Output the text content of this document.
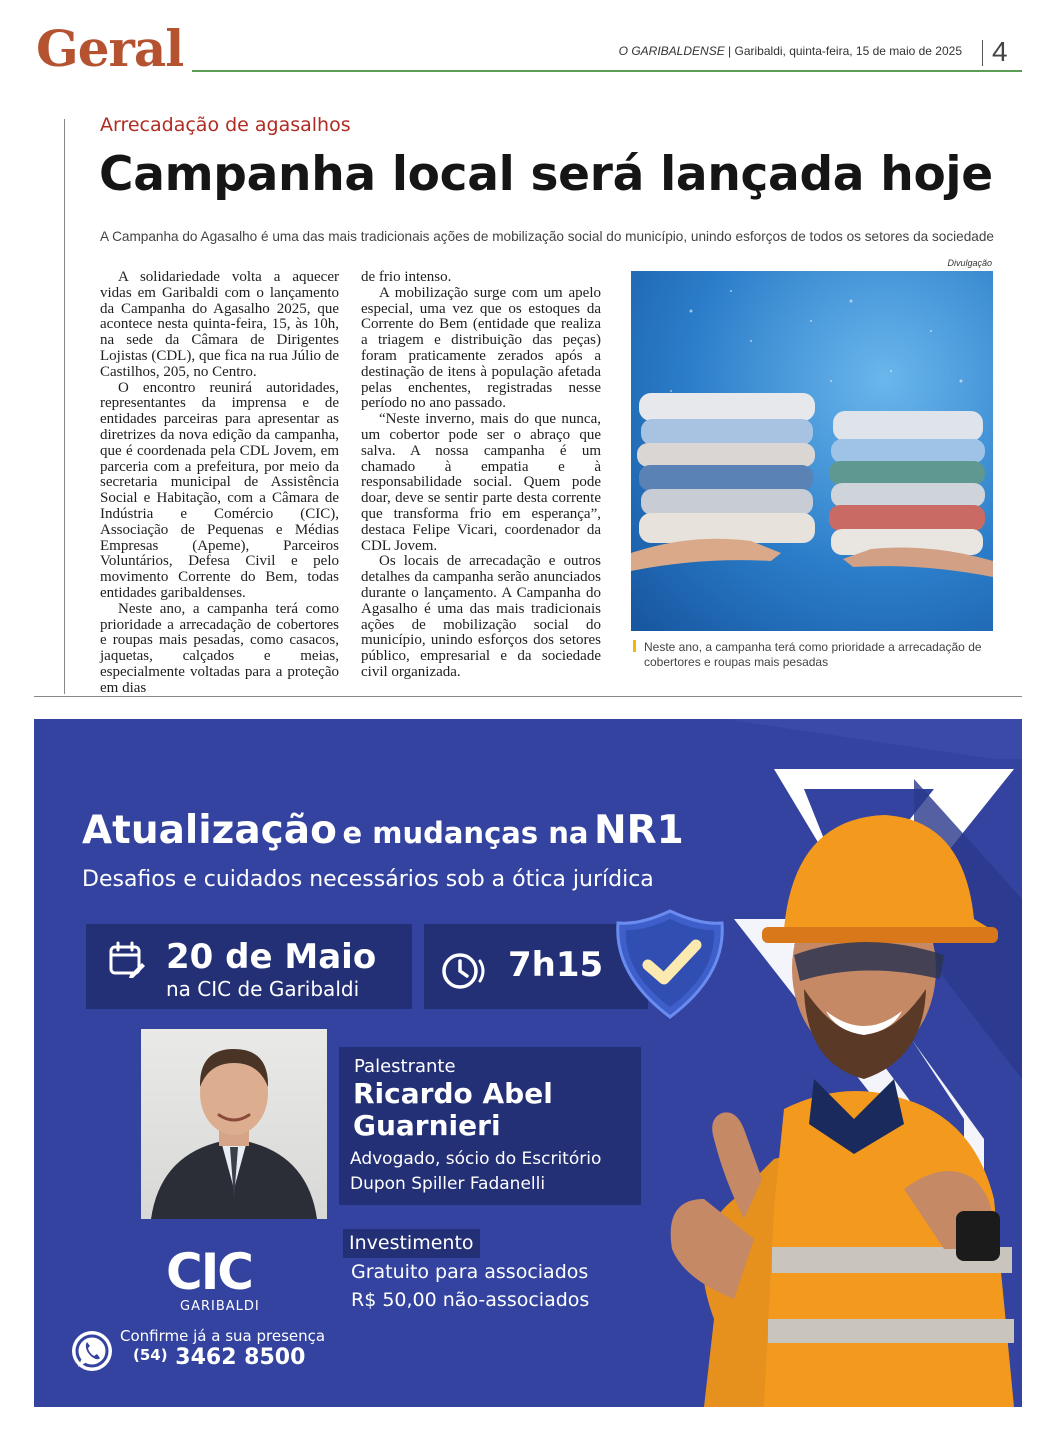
Geral	O GARIBALDENSE | Garibaldi, quinta-feira, 15 de maio de 2025 4
Arrecadação de agasalhos
Campanha local será lançada hoje
A Campanha do Agasalho é uma das mais tradicionais ações de mobilização social do município, unindo esforços de todos os setores da sociedade

A solidariedade volta a aquecer vidas em Garibaldi com o lançamento da Campanha do Agasalho 2025, que acontece nesta quinta-feira, 15, às 10h, na sede da Câmara de Dirigentes Lojistas (CDL), que fica na rua Júlio de Castilhos, 205, no Centro.

O encontro reunirá autoridades, representantes da imprensa e de entidades parceiras para apresentar as diretrizes da nova edição da campanha, que é coordenada pela CDL Jovem, em parceria com a prefeitura, por meio da secretaria municipal de Assistência Social e Habitação, com a Câmara de Indústria e Comércio (CIC), Associação de Pequenas e Médias Empresas (Apeme), Parceiros Voluntários, Defesa Civil e pelo movimento Corrente do Bem, todas entidades garibaldenses.

Neste ano, a campanha terá como prioridade a arrecadação de cobertores e roupas mais pesadas, como casacos, jaquetas, calçados e meias, especialmente voltadas para a proteção em dias

de frio intenso.

A mobilização surge com um apelo especial, uma vez que os estoques da Corrente do Bem (entidade que realiza a triagem e distribuição das peças) foram praticamente zerados após a destinação de itens à população afetada pelas enchentes, registradas nesse período no ano passado.

“Neste inverno, mais do que nunca, um cobertor pode ser o abraço que salva. A nossa campanha é um chamado à empatia e à responsabilidade social. Quem pode doar, deve se sentir parte desta corrente que transforma frio em esperança”, destaca Felipe Vicari, coordenador da CDL Jovem.

Os locais de arrecadação e outros detalhes da campanha serão anunciados durante o lançamento. A Campanha do Agasalho é uma das mais tradicionais ações de mobilização social do município, unindo esforços dos setores público, empresarial e da sociedade civil organizada.

Divulgação
Neste ano, a campanha terá como prioridade a arrecadação de cobertores e roupas mais pesadas
Atualização e mudanças na NR1
Desafios e cuidados necessários sob a ótica jurídica
20 de Maio
na CIC de Garibaldi
7h15
Palestrante
Ricardo Abel Guarnieri
Advogado, sócio do Escritório
Dupon Spiller Fadanelli
Investimento
Gratuito para associados
R$ 50,00 não-associados
CIC
GARIBALDI
Confirme já a sua presença
(54) 3462 8500
